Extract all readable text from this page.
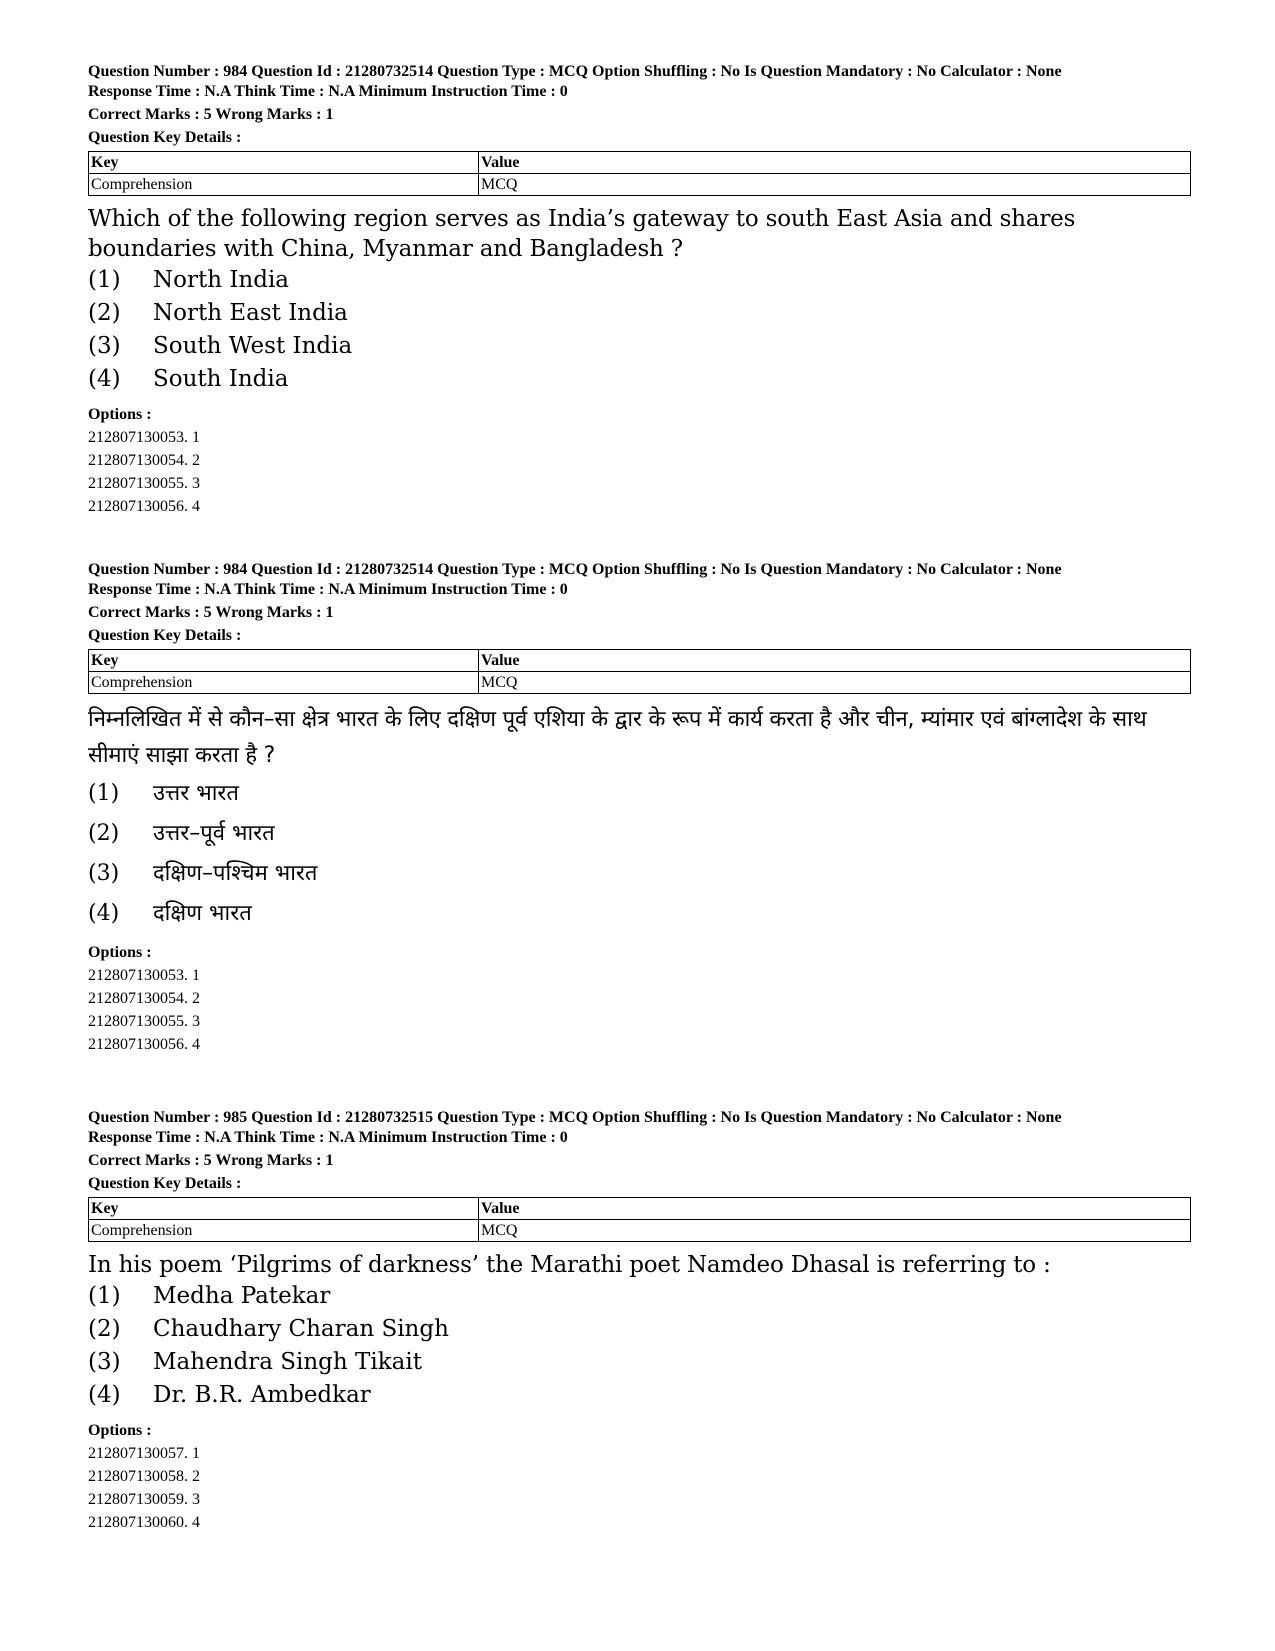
Question Number : 984 Question Id : 21280732514 Question Type : MCQ Option Shuffling : No Is Question Mandatory : No Calculator : None

Response Time : N.A Think Time : N.A Minimum Instruction Time : 0

Correct Marks : 5 Wrong Marks : 1

Question Key Details :

Key	Value
Comprehension	MCQ
Which of the following region serves as India’s gateway to south East Asia and shares boundaries with China, Myanmar and Bangladesh ?
(1)	North India
(2)	North East India
(3)	South West India
(4)	South India
Options :
212807130053. 1
212807130054. 2
212807130055. 3
212807130056. 4

Question Number : 984 Question Id : 21280732514 Question Type : MCQ Option Shuffling : No Is Question Mandatory : No Calculator : None

Response Time : N.A Think Time : N.A Minimum Instruction Time : 0

Correct Marks : 5 Wrong Marks : 1

Question Key Details :

Key	Value
Comprehension	MCQ
निम्नलिखित में से कौन–सा क्षेत्र भारत के लिए दक्षिण पूर्व एशिया के द्वार के रूप में कार्य करता है और चीन, म्यांमार एवं बांग्लादेश के साथ सीमाएं साझा करता है ?
(1)	उत्तर भारत
(2)	उत्तर–पूर्व भारत
(3)	दक्षिण–पश्चिम भारत
(4)	दक्षिण भारत
Options :
212807130053. 1
212807130054. 2
212807130055. 3
212807130056. 4

Question Number : 985 Question Id : 21280732515 Question Type : MCQ Option Shuffling : No Is Question Mandatory : No Calculator : None

Response Time : N.A Think Time : N.A Minimum Instruction Time : 0

Correct Marks : 5 Wrong Marks : 1

Question Key Details :

Key	Value
Comprehension	MCQ
In his poem ‘Pilgrims of darkness’ the Marathi poet Namdeo Dhasal is referring to :
(1)	Medha Patekar
(2)	Chaudhary Charan Singh
(3)	Mahendra Singh Tikait
(4)	Dr. B.R. Ambedkar
Options :
212807130057. 1
212807130058. 2
212807130059. 3
212807130060. 4
